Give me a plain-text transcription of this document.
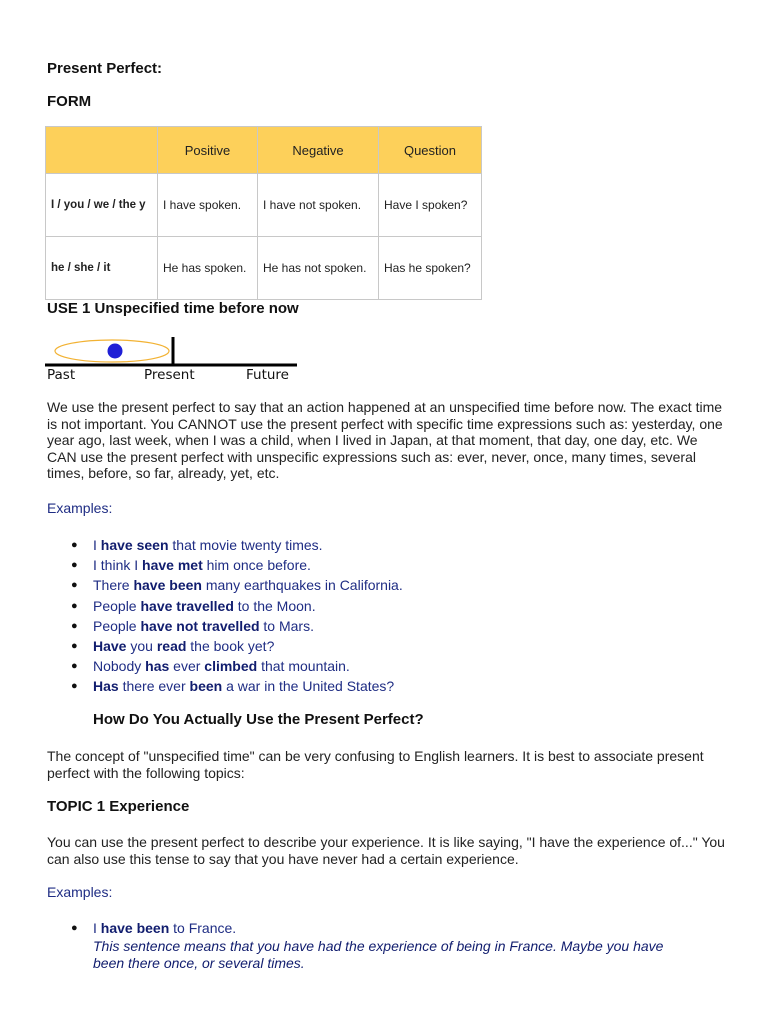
Present Perfect:
FORM
	Positive	Negative	Question
I / you / we / the y	I have spoken.	I have not spoken.	Have I spoken?
he / she / it	He has spoken.	He has not spoken.	Has he spoken?
USE 1 Unspecified time before now
Past	Present	Future

We use the present perfect to say that an action happened at an unspecified time before now. The exact time is not important. You CANNOT use the present perfect with specific time expressions such as: yesterday, one year ago, last week, when I was a child, when I lived in Japan, at that moment, that day, one day, etc. We CAN use the present perfect with unspecific expressions such as: ever, never, once, many times, several times, before, so far, already, yet, etc.

Examples:
● I have seen that movie twenty times.
● I think I have met him once before.
● There have been many earthquakes in California.
● People have travelled to the Moon.
● People have not travelled to Mars.
● Have you read the book yet?
● Nobody has ever climbed that mountain.
● Has there ever been a war in the United States?
How Do You Actually Use the Present Perfect?

The concept of "unspecified time" can be very confusing to English learners. It is best to associate present perfect with the following topics:

TOPIC 1 Experience

You can use the present perfect to describe your experience. It is like saying, "I have the experience of..." You can also use this tense to say that you have never had a certain experience.

Examples:
● I have been to France.
This sentence means that you have had the experience of being in France. Maybe you have been there once, or several times.
